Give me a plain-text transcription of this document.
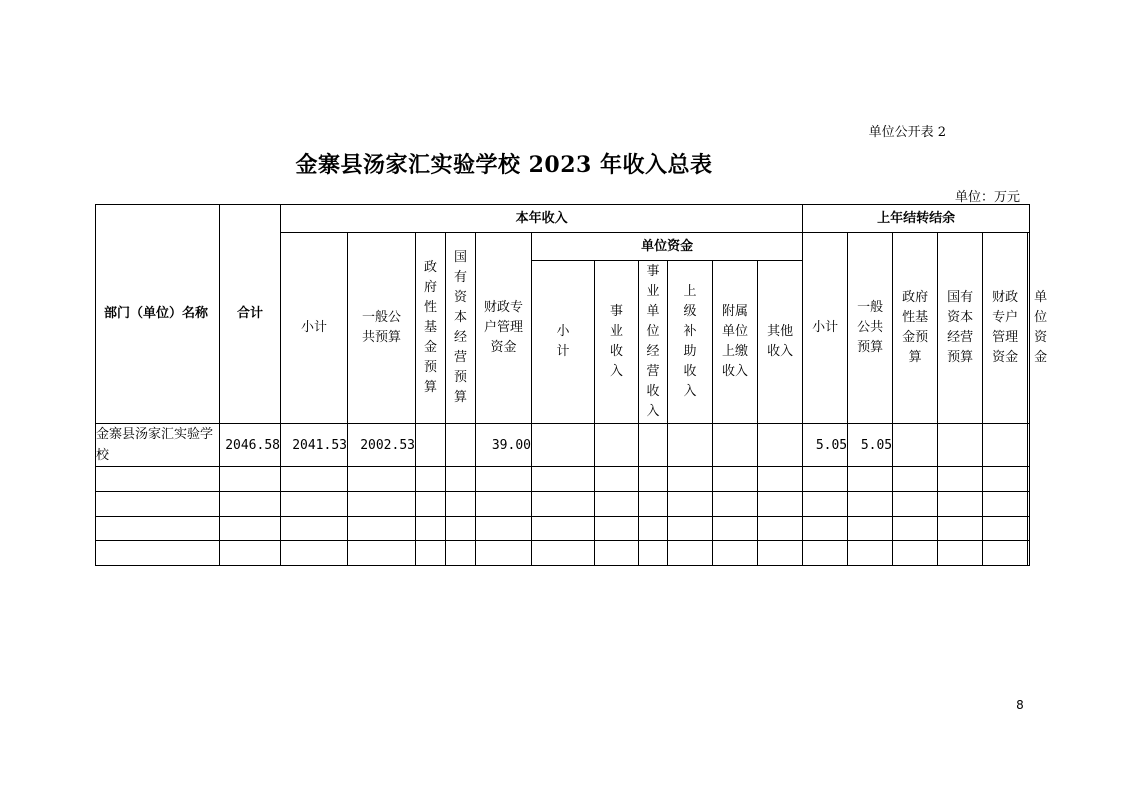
单位公开表 2
金寨县汤家汇实验学校 2023 年收入总表
单位：万元
部门（单位）名称	合计	本年收入											上年结转结余					
		小计	一般公共预算	政府性基金预算	国有资本经营预算	财政专户管理资金	单位资金						小计	一般公共预算	政府性基金预算	国有资本经营预算	财政专户管理资金	单位资金
							小计	事业收入	事业单位经营收入	上级补助收入	附属单位上缴收入	其他收入						
金寨县汤家汇实验学校	2046.58	2041.53	2002.53			39.00							5.05	5.05				

8
